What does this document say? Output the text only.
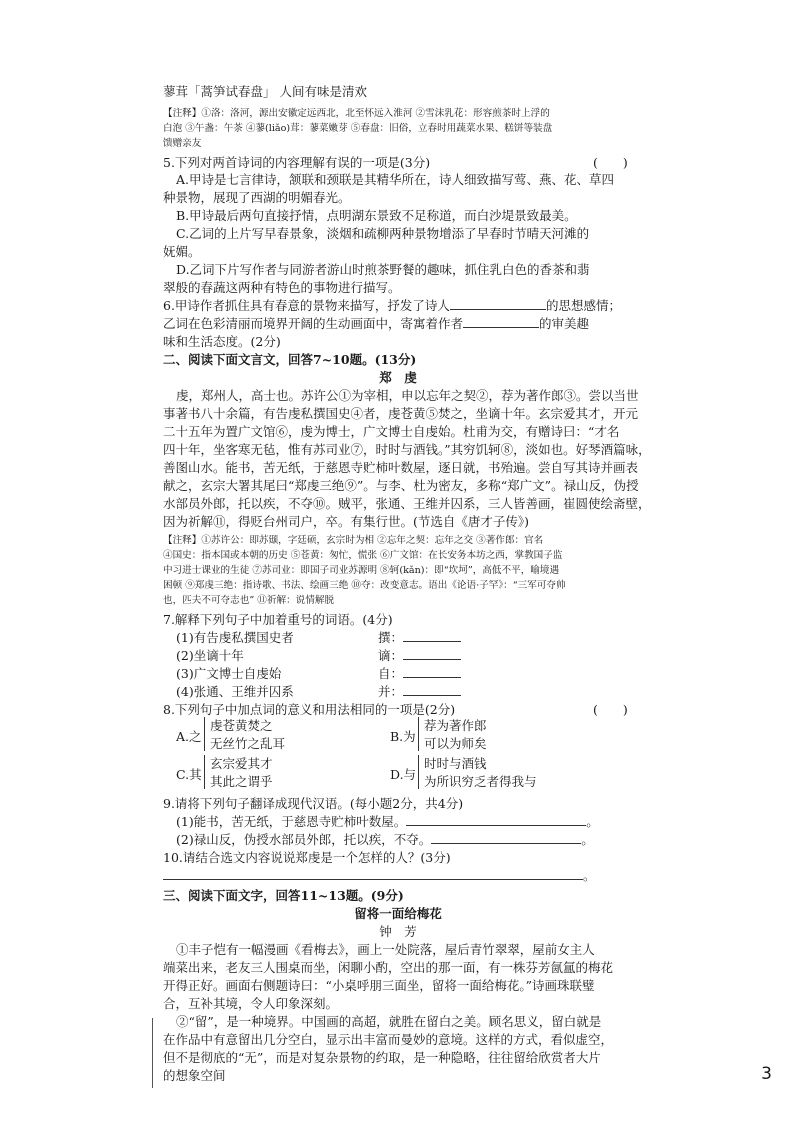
蓼茸「蒿笋试春盘」 人间有味是清欢
【注释】①洛：洛河，源出安徽定远西北，北至怀远入淮河 ②雪沫乳花：形容煎茶时上浮的
白泡 ③午盏：午茶 ④蓼(liǎo)茸：蓼菜嫩芽 ⑤春盘：旧俗，立春时用蔬菜水果、糕饼等装盘
馈赠亲友
5.下列对两首诗词的内容理解有误的一项是(3分)	(　　)
A.甲诗是七言律诗，颔联和颈联是其精华所在，诗人细致描写莺、燕、花、草四
种景物，展现了西湖的明媚春光。
B.甲诗最后两句直接抒情，点明湖东景致不足称道，而白沙堤景致最美。
C.乙词的上片写早春景象，淡烟和疏柳两种景物增添了早春时节晴天河滩的
妩媚。
D.乙词下片写作者与同游者游山时煎茶野餐的趣味，抓住乳白色的香茶和翡
翠般的春蔬这两种有特色的事物进行描写。
6.甲诗作者抓住具有春意的景物来描写，抒发了诗人	的思想感情；
乙词在色彩清丽而境界开阔的生动画面中，寄寓着作者	的审美趣
味和生活态度。(2分)
二、阅读下面文言文，回答7~10题。(13分)
郑　虔
虔，郑州人，高士也。苏许公①为宰相，申以忘年之契②，荐为著作郎③。尝以当世
事著书八十余篇，有告虔私撰国史④者，虔苍黄⑤焚之，坐谪十年。玄宗爱其才，开元
二十五年为置广文馆⑥，虔为博士，广文博士自虔始。杜甫为交，有赠诗曰：“才名
四十年，坐客寒无毡，惟有苏司业⑦，时时与酒钱。”其穷饥轲⑧，淡如也。好琴酒篇咏，
善图山水。能书，苦无纸，于慈恩寺贮柿叶数屋，逐日就，书殆遍。尝自写其诗并画表
献之，玄宗大署其尾曰“郑虔三绝⑨”。与李、杜为密友，多称“郑广文”。禄山反，伪授
水部员外郎，托以疾，不夺⑩。贼平，张通、王维并囚系，三人皆善画，崔圆使绘斋壁，
因为祈解⑪，得贬台州司户，卒。有集行世。(节选自《唐才子传》)
【注释】①苏许公：即苏颋，字廷硕，玄宗时为相 ②忘年之契：忘年之交 ③著作郎：官名
④国史：指本国或本朝的历史 ⑤苍黄：匆忙，慌张 ⑥广文馆：在长安务本坊之西，掌教国子监
中习进士课业的生徒 ⑦苏司业：即国子司业苏源明 ⑧轲(kǎn)：即“坎坷”，高低不平，喻境遇
困顿 ⑨郑虔三绝：指诗歌、书法、绘画三绝 ⑩夺：改变意志。语出《论语·子罕》：“三军可夺帅
也，匹夫不可夺志也” ⑪祈解：说情解脱
7.解释下列句子中加着重号的词语。(4分)
(1)有告虔私撰国史者	撰：
(2)坐谪十年	谪：
(3)广文博士自虔始	自：
(4)张通、王维并囚系	并：
8.下列句子中加点词的意义和用法相同的一项是(2分)	(　　)
A.之
虔苍黄焚之
无丝竹之乱耳	B.为
荐为著作郎
可以为师矣
C.其
玄宗爱其才
其此之谓乎	D.与
时时与酒钱
为所识穷乏者得我与
9.请将下列句子翻译成现代汉语。(每小题2分，共4分)
(1)能书，苦无纸，于慈恩寺贮柿叶数屋。	。
(2)禄山反，伪授水部员外郎，托以疾，不夺。	。
10.请结合选文内容说说郑虔是一个怎样的人？(3分)
。
三、阅读下面文字，回答11~13题。(9分)
留将一面给梅花
钟　芳
①丰子恺有一幅漫画《看梅去》，画上一处院落，屋后青竹翠翠，屋前女主人
端菜出来，老友三人围桌而坐，闲聊小酌，空出的那一面，有一株芬芳氤氲的梅花
开得正好。画面右侧题诗曰：“小桌呼朋三面坐，留将一面给梅花。”诗画珠联璧
合，互补其境，令人印象深刻。
②“留”，是一种境界。中国画的高超，就胜在留白之美。顾名思义，留白就是
在作品中有意留出几分空白，显示出丰富而曼妙的意境。这样的方式，看似虚空，
但不是彻底的“无”，而是对复杂景物的约取，是一种隐略，往往留给欣赏者大片
的想象空间	3
